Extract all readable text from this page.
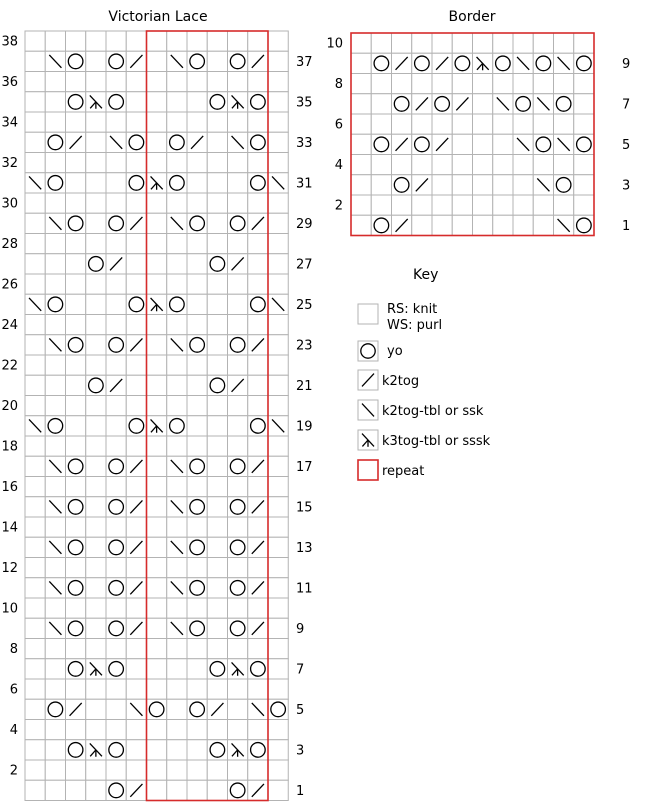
Victorian Lace	Border
1
3
5
7
9
11
13
15
17
19
21
23
25
27
29
31
33
35
37
2
4
6
8
10
12
14
16
18
20
22
24
26
28
30
32
34
36
38
1
3
5
7
9
2
4
6
8
10
Key
RS: knit
WS: purl
yo
k2tog
k2tog-tbl or ssk
k3tog-tbl or sssk
repeat
